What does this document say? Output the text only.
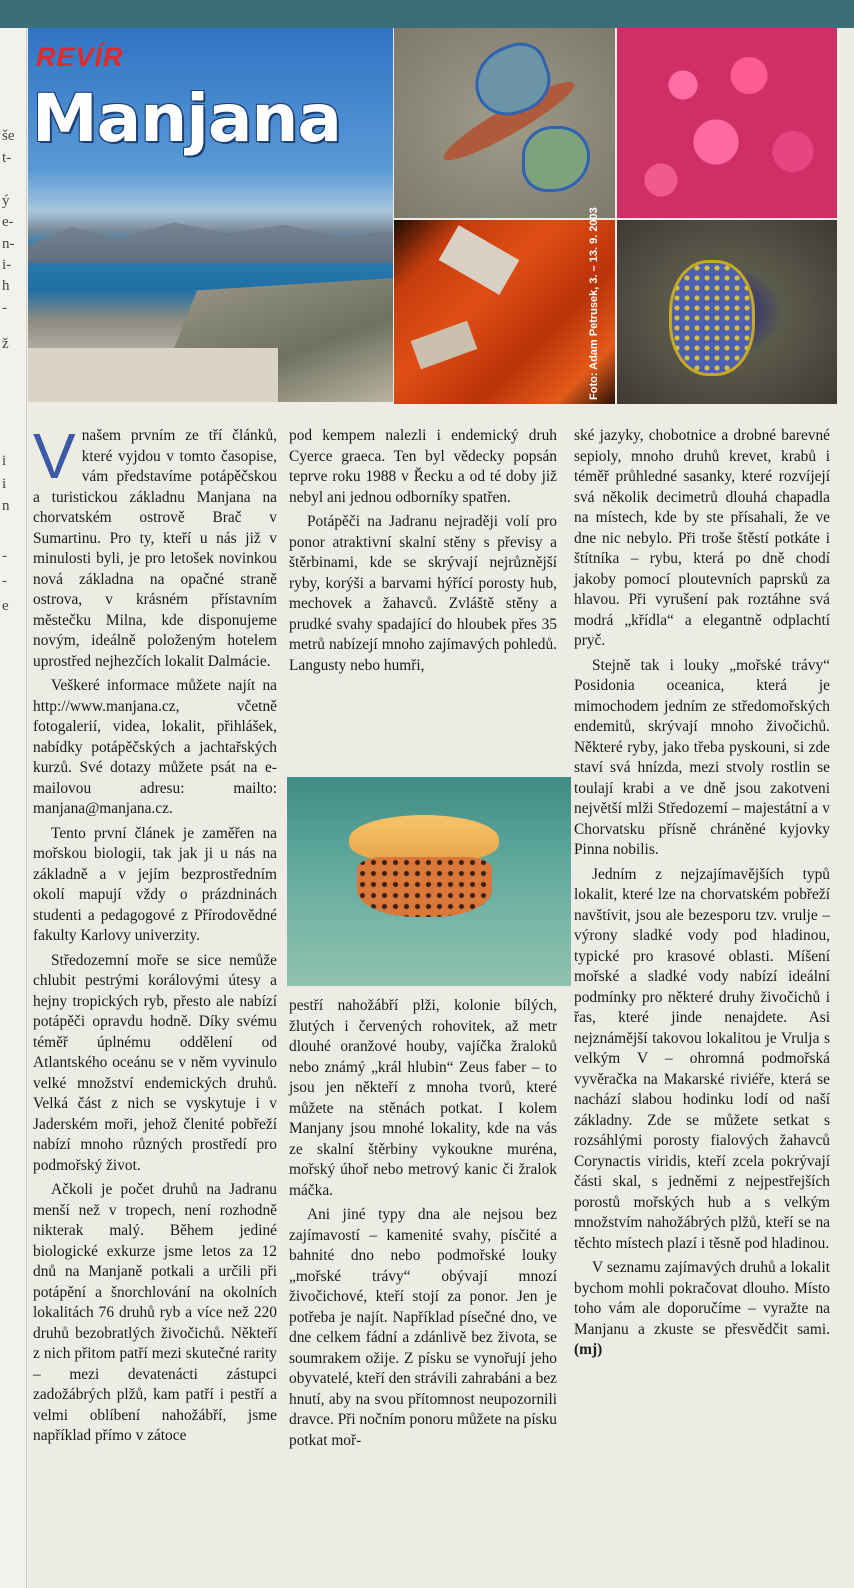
še
t-
ý
e-
n-
i-
h
-
ž
i
i
n
-
-
e
REVÍR
Manjana
Foto: Adam Petrusek, 3. – 13. 9. 2003

Vnašem prvním ze tří článků, které vyjdou v tomto časopise, vám představíme potápěčskou a turistickou základnu Manjana na chorvatském ostrově Brač v Sumartinu. Pro ty, kteří u nás již v minulosti byli, je pro letošek novinkou nová základna na opačné straně ostrova, v krásném přístavním městečku Milna, kde disponujeme novým, ideálně položeným hotelem uprostřed nejhezčích lokalit Dalmácie.

Veškeré informace můžete najít na http://www.manjana.cz, včetně fotogalerií, videa, lokalit, přihlášek, nabídky potápěčských a jachtařských kurzů. Své dotazy můžete psát na e-mailovou adresu: mailto: manjana@manjana.cz.

Tento první článek je zaměřen na mořskou biologii, tak jak ji u nás na základně a v jejím bezprostředním okolí mapují vždy o prázdninách studenti a pedagogové z Přírodovědné fakulty Karlovy univerzity.

Středozemní moře se sice nemůže chlubit pestrými korálovými útesy a hejny tropických ryb, přesto ale nabízí potápěči opravdu hodně. Díky svému téměř úplnému oddělení od Atlantského oceánu se v něm vyvinulo velké množství endemických druhů. Velká část z nich se vyskytuje i v Jaderském moři, jehož členité pobřeží nabízí mnoho různých prostředí pro podmořský život.

Ačkoli je počet druhů na Jadranu menší než v tropech, není rozhodně nikterak malý. Během jediné biologické exkurze jsme letos za 12 dnů na Manjaně potkali a určili při potápění a šnorchlování na okolních lokalitách 76 druhů ryb a více než 220 druhů bezobratlých živočichů. Někteří z nich přitom patří mezi skutečné rarity – mezi devatenácti zástupci zadožábrých plžů, kam patří i pestří a velmi oblíbení nahožábří, jsme například přímo v zátoce

pod kempem nalezli i endemický druh Cyerce graeca. Ten byl vědecky popsán teprve roku 1988 v Řecku a od té doby již nebyl ani jednou odborníky spatřen.

Potápěči na Jadranu nejraději volí pro ponor atraktivní skalní stěny s převisy a štěrbinami, kde se skrývají nejrůznější ryby, korýši a barvami hýřící porosty hub, mechovek a žahavců. Zvláště stěny a prudké svahy spadající do hloubek přes 35 metrů nabízejí mnoho zajímavých pohledů. Langusty nebo humři,

pestří nahožábří plži, kolonie bílých, žlutých i červených rohovitek, až metr dlouhé oranžové houby, vajíčka žraloků nebo známý „král hlubin“ Zeus faber – to jsou jen někteří z mnoha tvorů, které můžete na stěnách potkat. I kolem Manjany jsou mnohé lokality, kde na vás ze skalní štěrbiny vykoukne muréna, mořský úhoř nebo metrový kanic či žralok máčka.

Ani jiné typy dna ale nejsou bez zajímavostí – kamenité svahy, písčité a bahnité dno nebo podmořské louky „mořské trávy“ obývají mnozí živočichové, kteří stojí za ponor. Jen je potřeba je najít. Například písečné dno, ve dne celkem fádní a zdánlivě bez života, se soumrakem ožije. Z písku se vynořují jeho obyvatelé, kteří den strávili zahrabáni a bez hnutí, aby na svou přítomnost neupozornili dravce. Při nočním ponoru můžete na písku potkat moř-

ské jazyky, chobotnice a drobné barevné sepioly, mnoho druhů krevet, krabů i téměř průhledné sasanky, které rozvíjejí svá několik decimetrů dlouhá chapadla na místech, kde by ste přísahali, že ve dne nic nebylo. Při troše štěstí potkáte i štítníka – rybu, která po dně chodí jakoby pomocí ploutevních paprsků za hlavou. Při vyrušení pak roztáhne svá modrá „křídla“ a elegantně odplachtí pryč.

Stejně tak i louky „mořské trávy“ Posidonia oceanica, která je mimochodem jedním ze středomořských endemitů, skrývají mnoho živočichů. Některé ryby, jako třeba pyskouni, si zde staví svá hnízda, mezi stvoly rostlin se toulají krabi a ve dně jsou zakotveni největší mlži Středozemí – majestátní a v Chorvatsku přísně chráněné kyjovky Pinna nobilis.

Jedním z nejzajímavějších typů lokalit, které lze na chorvatském pobřeží navštívit, jsou ale bezesporu tzv. vrulje – výrony sladké vody pod hladinou, typické pro krasové oblasti. Míšení mořské a sladké vody nabízí ideální podmínky pro některé druhy živočichů i řas, které jinde nenajdete. Asi nejznámější takovou lokalitou je Vrulja s velkým V – ohromná podmořská vyvěračka na Makarské riviéře, která se nachází slabou hodinku lodí od naší základny. Zde se můžete setkat s rozsáhlými porosty fialových žahavců Corynactis viridis, kteří zcela pokrývají části skal, s jedněmi z nejpestřejších porostů mořských hub a s velkým množstvím nahožábrých plžů, kteří se na těchto místech plazí i těsně pod hladinou.

V seznamu zajímavých druhů a lokalit bychom mohli pokračovat dlouho. Místo toho vám ale doporučíme – vyražte na Manjanu a zkuste se přesvědčit sami. (mj)
